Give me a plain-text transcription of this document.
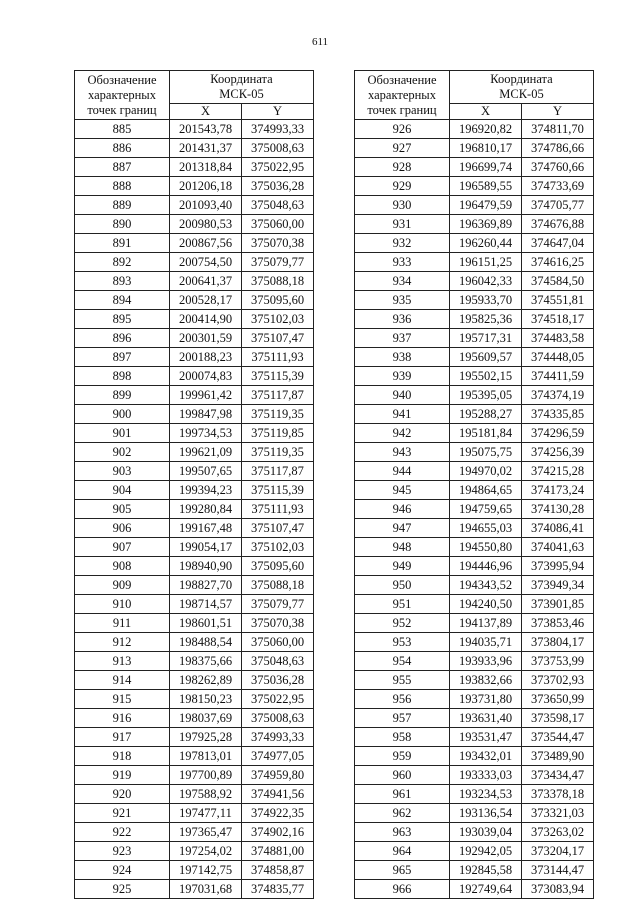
611
Обозначение
характерных
точек границ	Координата
МСК-05	
	X	Y
885	201543,78	374993,33
886	201431,37	375008,63
887	201318,84	375022,95
888	201206,18	375036,28
889	201093,40	375048,63
890	200980,53	375060,00
891	200867,56	375070,38
892	200754,50	375079,77
893	200641,37	375088,18
894	200528,17	375095,60
895	200414,90	375102,03
896	200301,59	375107,47
897	200188,23	375111,93
898	200074,83	375115,39
899	199961,42	375117,87
900	199847,98	375119,35
901	199734,53	375119,85
902	199621,09	375119,35
903	199507,65	375117,87
904	199394,23	375115,39
905	199280,84	375111,93
906	199167,48	375107,47
907	199054,17	375102,03
908	198940,90	375095,60
909	198827,70	375088,18
910	198714,57	375079,77
911	198601,51	375070,38
912	198488,54	375060,00
913	198375,66	375048,63
914	198262,89	375036,28
915	198150,23	375022,95
916	198037,69	375008,63
917	197925,28	374993,33
918	197813,01	374977,05
919	197700,89	374959,80
920	197588,92	374941,56
921	197477,11	374922,35
922	197365,47	374902,16
923	197254,02	374881,00
924	197142,75	374858,87
925	197031,68	374835,77
Обозначение
характерных
точек границ	Координата
МСК-05	
	X	Y
926	196920,82	374811,70
927	196810,17	374786,66
928	196699,74	374760,66
929	196589,55	374733,69
930	196479,59	374705,77
931	196369,89	374676,88
932	196260,44	374647,04
933	196151,25	374616,25
934	196042,33	374584,50
935	195933,70	374551,81
936	195825,36	374518,17
937	195717,31	374483,58
938	195609,57	374448,05
939	195502,15	374411,59
940	195395,05	374374,19
941	195288,27	374335,85
942	195181,84	374296,59
943	195075,75	374256,39
944	194970,02	374215,28
945	194864,65	374173,24
946	194759,65	374130,28
947	194655,03	374086,41
948	194550,80	374041,63
949	194446,96	373995,94
950	194343,52	373949,34
951	194240,50	373901,85
952	194137,89	373853,46
953	194035,71	373804,17
954	193933,96	373753,99
955	193832,66	373702,93
956	193731,80	373650,99
957	193631,40	373598,17
958	193531,47	373544,47
959	193432,01	373489,90
960	193333,03	373434,47
961	193234,53	373378,18
962	193136,54	373321,03
963	193039,04	373263,02
964	192942,05	373204,17
965	192845,58	373144,47
966	192749,64	373083,94
